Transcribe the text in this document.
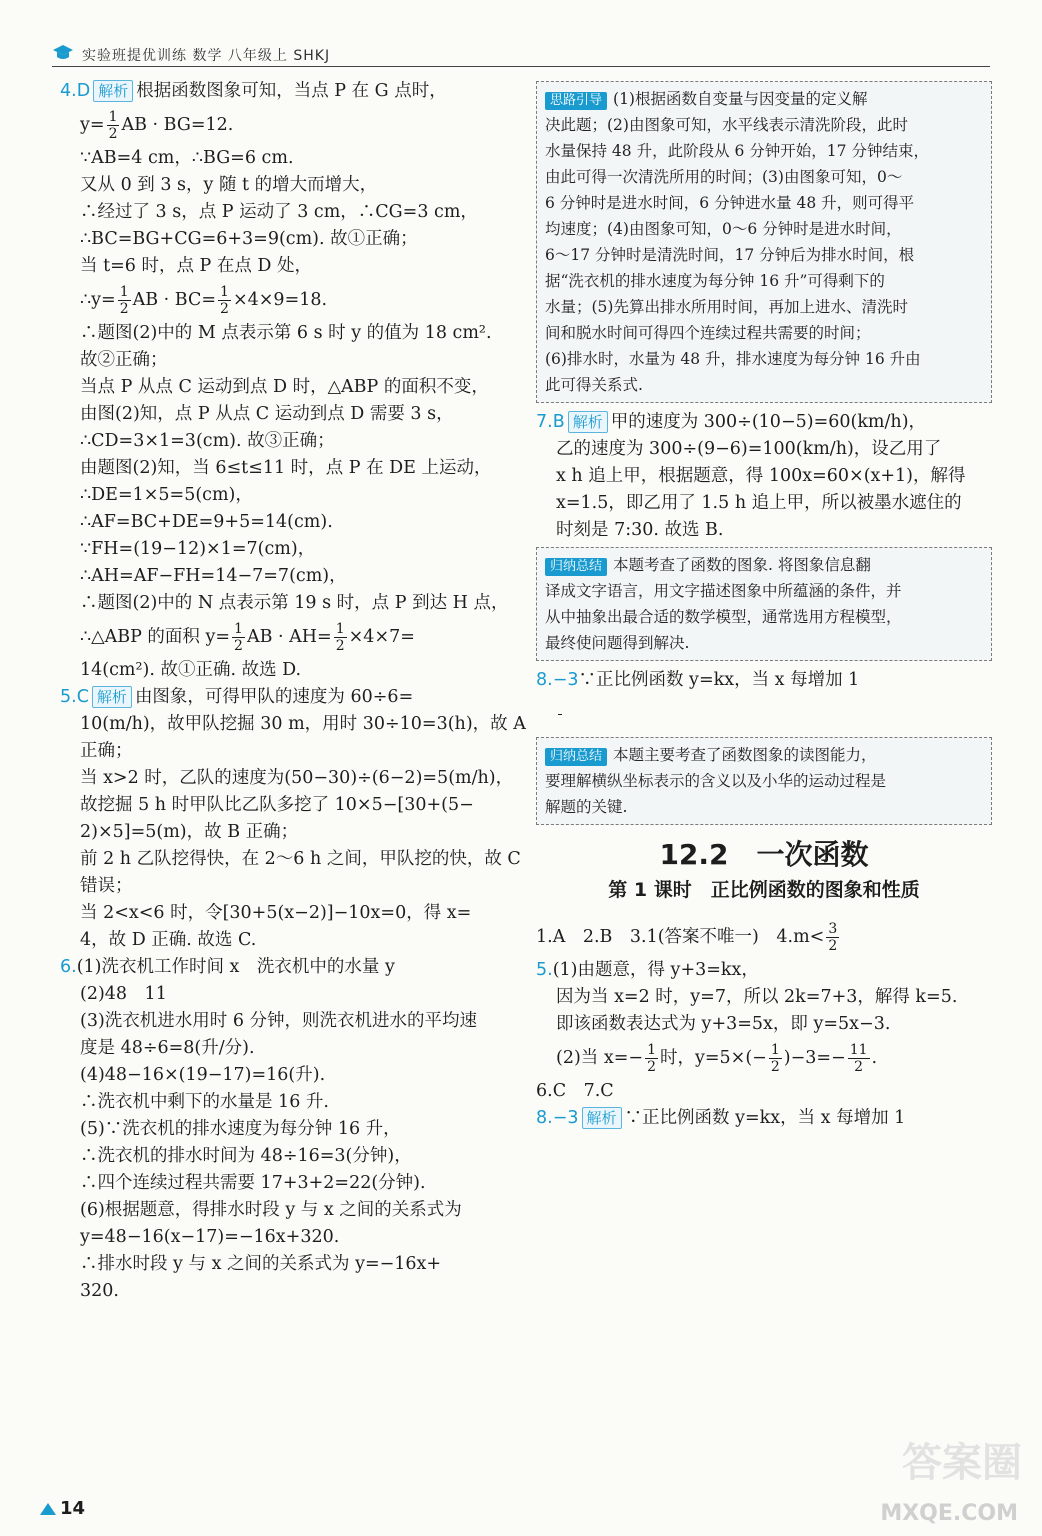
实验班提优训练 数学 八年级上 SHKJ
4.D 解析 根据函数图象可知，当点 P 在 G 点时，
$y= \frac{1}{2}$ AB · BG=12.
∵AB=4 cm，∴BG=6 cm.
又从 0 到 3 s，y 随 t 的增大而增大，
∴经过了 3 s，点 P 运动了 3 cm，∴CG=3 cm，
∴BC=BG+CG=6+3=9(cm). 故①正确；
当 t=6 时，点 P 在点 D 处，
∴y= $\frac{1}{2}$ AB · $BC= \frac{1}{2} \times 4\times 9=18$.
∴题图(2)中的 M 点表示第 6 s 时 y 的值为 18 cm².
故②正确；
当点 P 从点 C 运动到点 D 时，△ABP 的面积不变，
由图(2)知，点 P 从点 C 运动到点 D 需要 3 s，
∴CD=3×1=3(cm). 故③正确；
由题图(2)知，当 6≤t≤11 时，点 P 在 DE 上运动，
∴DE=1×5=5(cm)，
∴AF=BC+DE=9+5=14(cm).
∵FH=(19−12)×1=7(cm)，
∴AH=AF−FH=14−7=7(cm)，
∴题图(2)中的 N 点表示第 19 s 时，点 P 到达 H 点，
∴△ABP 的面积 $y= \frac{1}{2}$ AB · $AH= \frac{1}{2} \times 4\times 7=$
14(cm²). 故①正确. 故选 D.
5.C 解析 由图象，可得甲队的速度为 60÷6=
10(m/h)，故甲队挖掘 30 m，用时 30÷10=3(h)，故 A
正确；
当 x>2 时，乙队的速度为(50−30)÷(6−2)=5(m/h)，
故挖掘 5 h 时甲队比乙队多挖了 10×5−[30+(5−
2)×5]=5(m)，故 B 正确；
前 2 h 乙队挖得快，在 2～6 h 之间，甲队挖的快，故 C
错误；
当 2<x<6 时，令[30+5(x−2)]−10x=0，得 x=
4，故 D 正确. 故选 C.
6.(1)洗衣机工作时间 x　洗衣机中的水量 y
(2)48　11
(3)洗衣机进水用时 6 分钟，则洗衣机进水的平均速
度是 48÷6=8(升/分).
(4)48−16×(19−17)=16(升).
∴洗衣机中剩下的水量是 16 升.
(5)∵洗衣机的排水速度为每分钟 16 升，
∴洗衣机的排水时间为 48÷16=3(分钟)，
∴四个连续过程共需要 17+3+2=22(分钟).
(6)根据题意，得排水时段 y 与 x 之间的关系式为
y=48−16(x−17)=−16x+320.
∴排水时段 y 与 x 之间的关系式为 y=−16x+
320.
思路引导 (1)根据函数自变量与因变量的定义解
决此题；(2)由图象可知，水平线表示清洗阶段，此时
水量保持 48 升，此阶段从 6 分钟开始，17 分钟结束，
由此可得一次清洗所用的时间；(3)由图象可知，0～
6 分钟时是进水时间，6 分钟进水量 48 升，则可得平
均速度；(4)由图象可知，0～6 分钟时是进水时间，
6～17 分钟时是清洗时间，17 分钟后为排水时间，根
据“洗衣机的排水速度为每分钟 16 升”可得剩下的
水量；(5)先算出排水所用时间，再加上进水、清洗时
间和脱水时间可得四个连续过程共需要的时间；
(6)排水时，水量为 48 升，排水速度为每分钟 16 升由
此可得关系式.
7.B 解析 甲的速度为 300÷(10−5)=60(km/h)，
乙的速度为 300÷(9−6)=100(km/h)，设乙用了
x h 追上甲，根据题意，得 100x=60×(x+1)，解得
x=1.5，即乙用了 1.5 h 追上甲，所以被墨水遮住的
时刻是 7:30. 故选 B.
归纳总结 本题考查了函数的图象. 将图象信息翻
译成文字语言，用文字描述图象中所蕴涵的条件，并
从中抽象出最合适的数学模型，通常选用方程模型，
最终使问题得到解决.
8.−3∵正比例函数 y=kx，当 x 每增加 1
归纳总结 本题主要考查了函数图象的读图能力，
要理解横纵坐标表示的含义以及小华的运动过程是
解题的关键.
12.2　一次函数
第 1 课时　正比例函数的图象和性质
1.A　2.B　3.1(答案不唯一)　$4.m< \frac{3}{2}$
5.(1)由题意，得 y+3=kx，
因为当 x=2 时，y=7，所以 2k=7+3，解得 k=5.
即该函数表达式为 y+3=5x，即 y=5x−3.
(2)当 $x=- \frac{1}{2}$ 时，$y=5\times(- \frac{1}{2} )-3=- \frac{11}{2}$ .
6.C　7.C
8.−3 解析 ∵正比例函数 y=kx，当 x 每增加 1
14
答案圈
MXQE.COM
